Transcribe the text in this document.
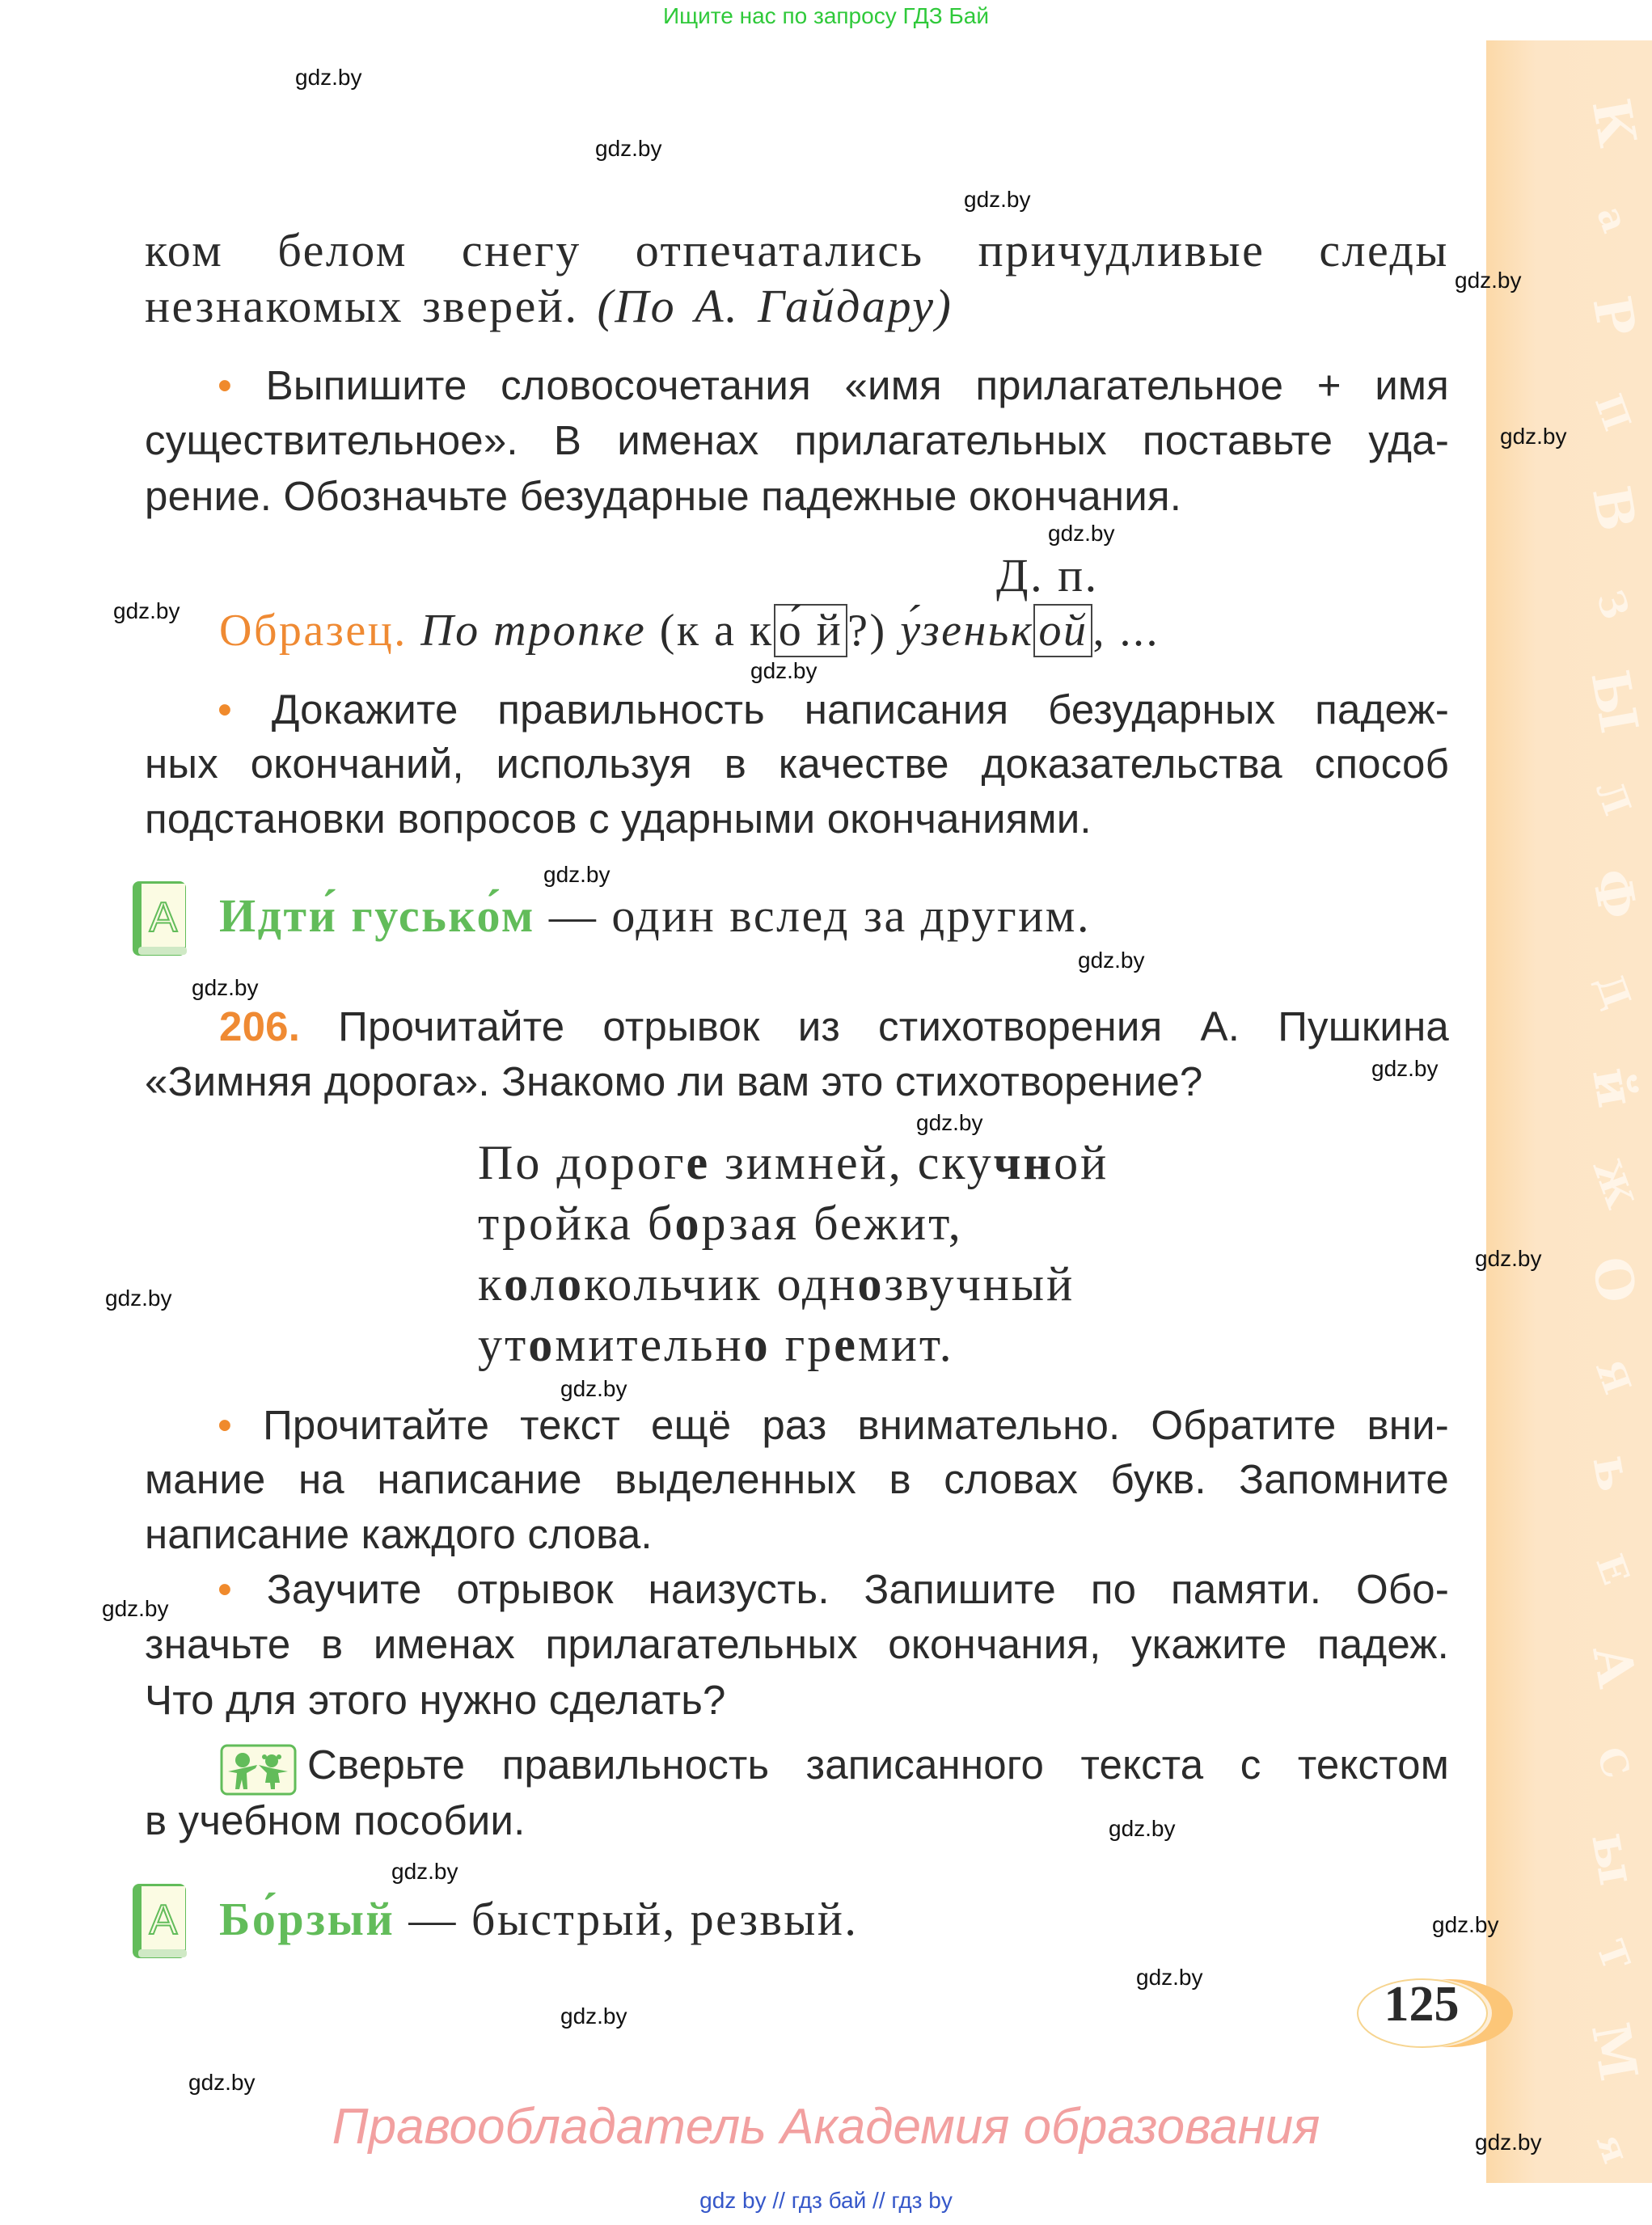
Ищите нас по запросу ГДЗ Бай
К
а
Р
П
В
З
Ы
Л
Ф
Д
й
Ж
О
Я
ь
Е
А
С
ы
Т
М
я
ком белом снегу отпечатались причудливые следы
незнакомых зверей. (По А. Гайдару)
• Выпишите словосочетания «имя прилагательное + имя
существительное». В именах прилагательных поставьте уда-
рение. Обозначьте безударные падежные окончания.
Д. п.
Образец. По тропке (к а к о́ й ?) у́зеньк ой , ...
• Докажите правильность написания безударных падеж-
ных окончаний, используя в качестве доказательства способ
подстановки вопросов с ударными окончаниями.
А Идти́ гусько́м — один вслед за другим.
206. Прочитайте отрывок из стихотворения А. Пушкина
«Зимняя дорога». Знакомо ли вам это стихотворение?
По дороге зимней, скучной
тройка борзая бежит,
колокольчик однозвучный
утомительно гремит.
• Прочитайте текст ещё раз внимательно. Обратите вни-
мание на написание выделенных в словах букв. Запомните
написание каждого слова.
• Заучите отрывок наизусть. Запишите по памяти. Обо-
значьте в именах прилагательных окончания, укажите падеж.
Что для этого нужно сделать?
Сверьте правильность записанного текста с текстом
в учебном пособии.
А Бо́рзый — быстрый, резвый.
125
Правообладатель Академия образования
gdz by // гдз бай // гдз by
gdz.by
gdz.by
gdz.by
gdz.by
gdz.by
gdz.by
gdz.by
gdz.by
gdz.by
gdz.by
gdz.by
gdz.by
gdz.by
gdz.by
gdz.by
gdz.by
gdz.by
gdz.by
gdz.by
gdz.by
gdz.by
gdz.by
gdz.by
gdz.by
